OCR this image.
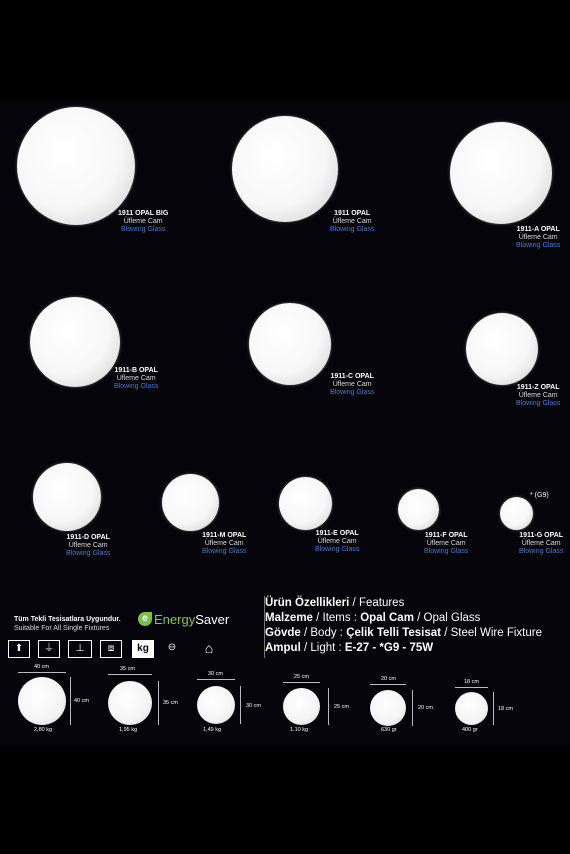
1911 OPAL BIG
Üfleme Cam
Blowing Glass
1911 OPAL
Üfleme Cam
Blowing Glass	1911-A OPAL
Üfleme Cam
Blowing Glass
1911-B OPAL
Üfleme Cam
Blowing Glass
1911-C OPAL
Üfleme Cam
Blowing Glass
1911-Z OPAL
Üfleme Cam
Blowing Glass
1911-D OPAL
Üfleme Cam
Blowing Glass
1911-M OPAL
Üfleme Cam
Blowing Glass
1911-E OPAL
Üfleme Cam
Blowing Glass
1911-F OPAL
Üfleme Cam
Blowing Glass
* (G9)
1911-G OPAL
Üfleme Cam
Blowing Glass
Tüm Tekli Tesisatlara Uygundur.
Suitable For All Single Fixtures
e EnergySaver
⬆	⏚	⊥	⧈	kg	⊖	⌂
Ürün Özellikleri / Features
Malzeme / Items : Opal Cam / Opal Glass
Gövde / Body : Çelik Telli Tesisat / Steel Wire Fixture
Ampul / Light : E-27 - *G9 - 75W
40 cm
40 cm
2,80 kg
35 cm
35 cm
1,95 kg
30 cm
30 cm
1,49 kg
25 cm
25 cm
1.10 kg
20 cm
20 cm
630 gr
18 cm
18 cm
400 gr
